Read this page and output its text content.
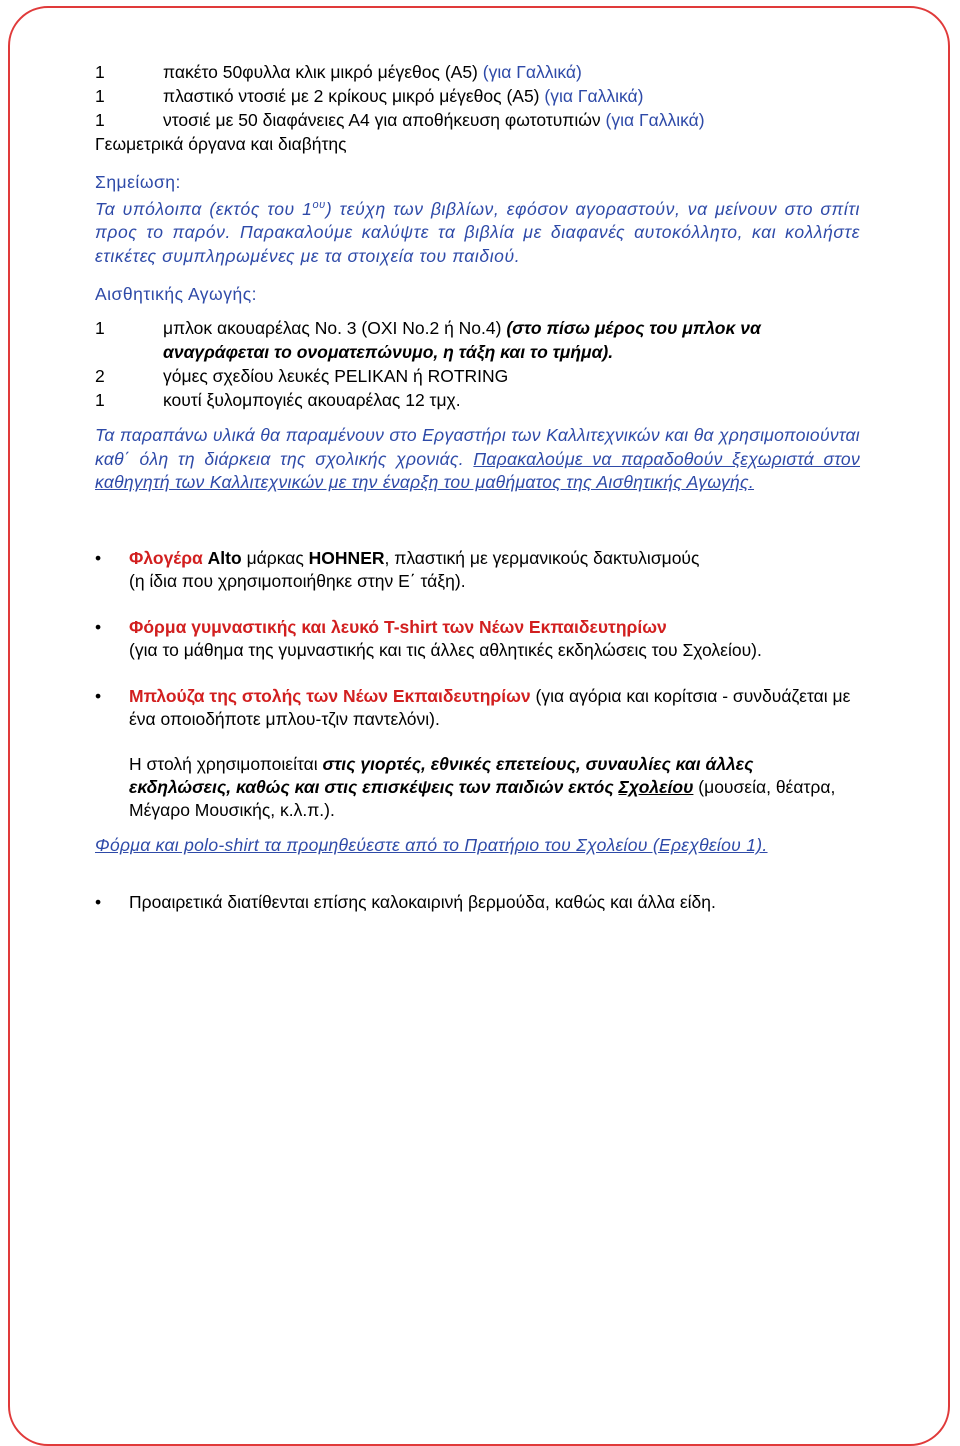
1	πακέτο 50φυλλα κλικ μικρό μέγεθος (Α5) (για Γαλλικά)
1	πλαστικό ντοσιέ με 2 κρίκους μικρό μέγεθος (Α5) (για Γαλλικά)
1	ντοσιέ με 50 διαφάνειες Α4 για αποθήκευση φωτοτυπιών (για Γαλλικά)
Γεωμετρικά όργανα και διαβήτης
Σημείωση:
Τα υπόλοιπα (εκτός του $1^{o\upsilon}$) τεύχη των βιβλίων, εφόσον αγοραστούν, να μείνουν στο σπίτι προς το παρόν. Παρακαλούμε καλύψτε τα βιβλία με διαφανές αυτοκόλλητο, και κολλήστε ετικέτες συμπληρωμένες με τα στοιχεία του παιδιού.
Αισθητικής Αγωγής:
1	μπλοκ ακουαρέλας Νο. 3 (ΟΧΙ Νο.2 ή Νο.4) (στο πίσω μέρος του μπλοκ να αναγράφεται το ονοματεπώνυμο, η τάξη και το τμήμα).
2	γόμες σχεδίου λευκές PELIKAN ή ROTRING
1	κουτί ξυλομπογιές ακουαρέλας 12 τμχ.
Τα παραπάνω υλικά θα παραμένουν στο Εργαστήρι των Καλλιτεχνικών και θα χρησιμοποιούνται καθ΄ όλη τη διάρκεια της σχολικής χρονιάς. Παρακαλούμε να παραδοθούν ξεχωριστά στον καθηγητή των Καλλιτεχνικών με την έναρξη του μαθήματος της Αισθητικής Αγωγής.
• Φλογέρα Alto μάρκας HOHNER, πλαστική με γερμανικούς δακτυλισμούς
(η ίδια που χρησιμοποιήθηκε στην Ε΄ τάξη).
• Φόρμα γυμναστικής και λευκό T-shirt των Νέων Εκπαιδευτηρίων
(για το μάθημα της γυμναστικής και τις άλλες αθλητικές εκδηλώσεις του Σχολείου).
• Μπλούζα της στολής των Νέων Εκπαιδευτηρίων (για αγόρια και κορίτσια - συνδυάζεται με ένα οποιοδήποτε μπλου-τζιν παντελόνι).
Η στολή χρησιμοποιείται στις γιορτές, εθνικές επετείους, συναυλίες και άλλες εκδηλώσεις, καθώς και στις επισκέψεις των παιδιών εκτός Σχολείου (μουσεία, θέατρα, Μέγαρο Μουσικής, κ.λ.π.).
Φόρμα και polo-shirt τα προμηθεύεστε από το Πρατήριο του Σχολείου (Ερεχθείου 1).
• Προαιρετικά διατίθενται επίσης καλοκαιρινή βερμούδα, καθώς και άλλα είδη.
